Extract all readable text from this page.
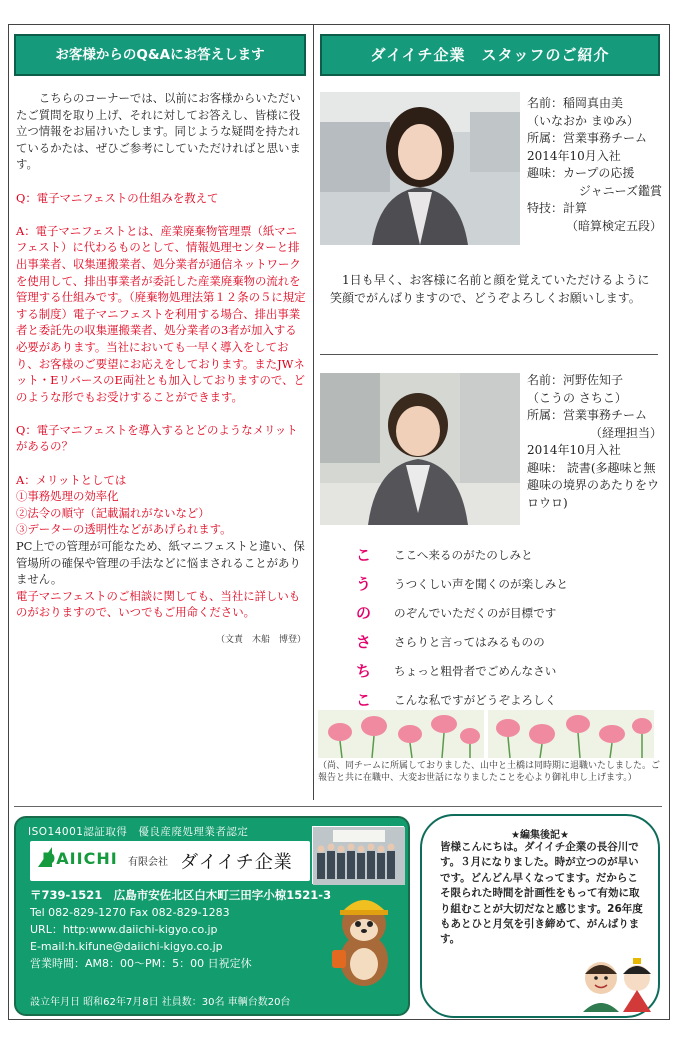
お客様からのQ&Aにお答えします

こちらのコーナーでは、以前にお客様からいただいたご質問を取り上げ、それに対してお答えし、皆様に役立つ情報をお届けいたします。同じような疑問を持たれているかたは、ぜひご参考にしていただければと思います。

Q：電子マニフェストの仕組みを教えて

A：電子マニフェストとは、産業廃棄物管理票（紙マニフェスト）に代わるものとして、情報処理センターと排出事業者、収集運搬業者、処分業者が通信ネットワークを使用して、排出事業者が委託した産業廃棄物の流れを管理する仕組みです。（廃棄物処理法第１２条の５に規定する制度）電子マニフェストを利用する場合、排出事業者と委託先の収集運搬業者、処分業者の3者が加入する必要があります。当社においても一早く導入をしており、お客様のご要望にお応えをしております。またJWネット・EリバースのE両社とも加入しておりますので、どのような形でもお受けすることができます。

Q：電子マニフェストを導入するとどのようなメリットがあるの？

A：メリットとしては
①事務処理の効率化
②法令の順守（記載漏れがないなど）
③データーの透明性などがあげられます。
PC上での管理が可能なため、紙マニフェストと違い、保管場所の確保や管理の手法などに悩まされることがありません。
電子マニフェストのご相談に関しても、当社に詳しいものがおりますので、いつでもご用命ください。
（文責　木船　博登）
ダイイチ企業　スタッフのご紹介
名前：稲岡真由美
（いなおか まゆみ）
所属：営業事務チーム
2014年10月入社
趣味：カープの応援
ジャニーズ鑑賞
特技：計算
（暗算検定五段）
1日も早く、お客様に名前と顔を覚えていただけるように笑顔でがんばりますので、どうぞよろしくお願いします。
名前：河野佐知子
（こうの さちこ）
所属：営業事務チーム
（経理担当）
2014年10月入社
趣味： 読書(多趣味と無趣味の境界のあたりをウロウロ)
こ	ここへ来るのがたのしみと
う	うつくしい声を聞くのが楽しみと
の	のぞんでいただくのが目標です
さ	さらりと言ってはみるものの
ち	ちょっと粗骨者でごめんなさい
こ	こんな私ですがどうぞよろしく
（尚、同チームに所属しておりました、山中と土橋は同時期に退職いたしました。ご報告と共に在職中、大変お世話になりましたことを心より御礼申し上げます。）
ISO14001認証取得　優良産廃処理業者認定
DAIICHI 有限会社 ダイイチ企業
〒739-1521　広島市安佐北区白木町三田字小椋1521-3
Tel 082-829-1270 Fax 082-829-1283
URL：http:www.daiichi-kigyo.co.jp
E-mail:h.kifune@daiichi-kigyo.co.jp
営業時間：AM8：00〜PM：5：00 日祝定休
設立年月日 昭和62年7月8日 社員数：30名 車輌台数20台
★編集後記★
皆様こんにちは。ダイイチ企業の長谷川です。３月になりました。時が立つのが早いです。どんどん早くなってます。だからこそ限られた時間を計画性をもって有効に取り組むことが大切だなと感じます。26年度もあとひと月気を引き締めて、がんばります。
